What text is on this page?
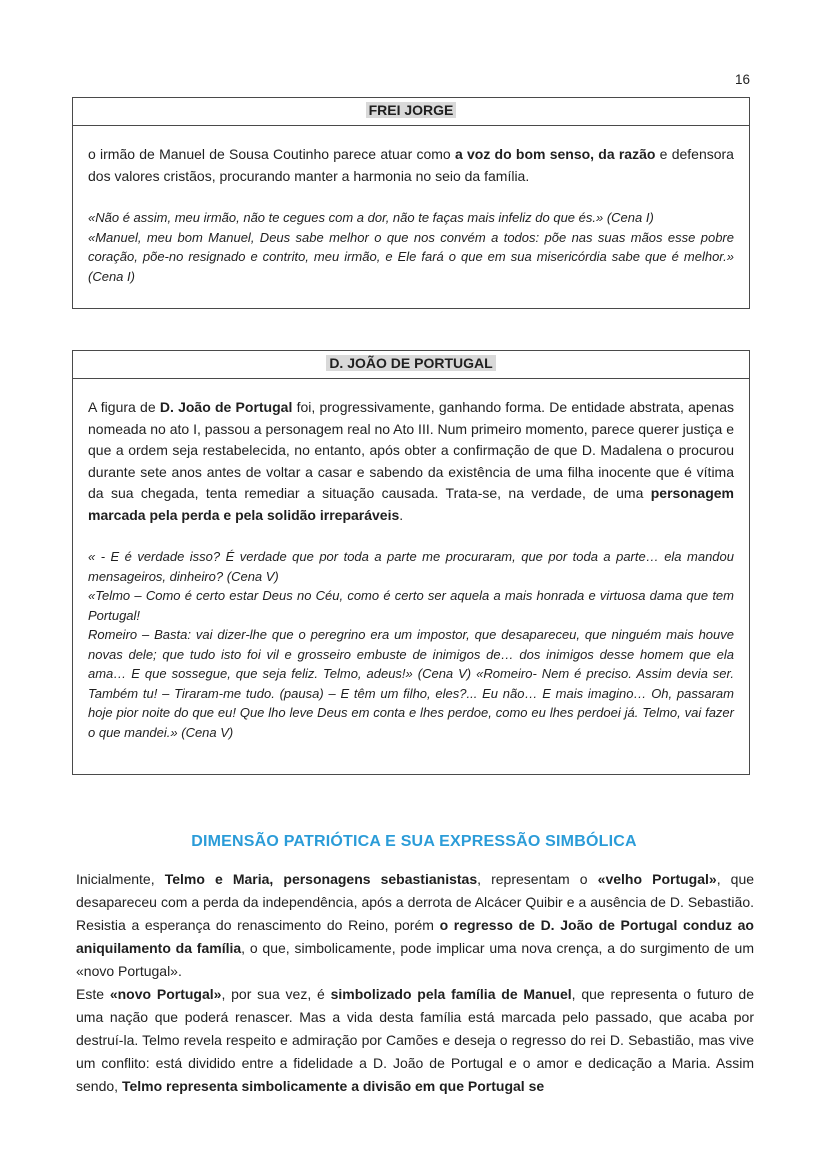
16
FREI JORGE

o irmão de Manuel de Sousa Coutinho parece atuar como a voz do bom senso, da razão e defensora dos valores cristãos, procurando manter a harmonia no seio da família.

«Não é assim, meu irmão, não te cegues com a dor, não te faças mais infeliz do que és.» (Cena I)

«Manuel, meu bom Manuel, Deus sabe melhor o que nos convém a todos: põe nas suas mãos esse pobre coração, põe-no resignado e contrito, meu irmão, e Ele fará o que em sua misericórdia sabe que é melhor.» (Cena I)

D. JOÃO DE PORTUGAL

A figura de D. João de Portugal foi, progressivamente, ganhando forma. De entidade abstrata, apenas nomeada no ato I, passou a personagem real no Ato III. Num primeiro momento, parece querer justiça e que a ordem seja restabelecida, no entanto, após obter a confirmação de que D. Madalena o procurou durante sete anos antes de voltar a casar e sabendo da existência de uma filha inocente que é vítima da sua chegada, tenta remediar a situação causada. Trata-se, na verdade, de uma personagem marcada pela perda e pela solidão irreparáveis.

« - E é verdade isso? É verdade que por toda a parte me procuraram, que por toda a parte… ela mandou mensageiros, dinheiro? (Cena V)

«Telmo – Como é certo estar Deus no Céu, como é certo ser aquela a mais honrada e virtuosa dama que tem Portugal!

Romeiro – Basta: vai dizer-lhe que o peregrino era um impostor, que desapareceu, que ninguém mais houve novas dele; que tudo isto foi vil e grosseiro embuste de inimigos de… dos inimigos desse homem que ela ama… E que sossegue, que seja feliz. Telmo, adeus!» (Cena V) «Romeiro- Nem é preciso. Assim devia ser. Também tu! – Tiraram-me tudo. (pausa) – E têm um filho, eles?... Eu não… E mais imagino… Oh, passaram hoje pior noite do que eu! Que lho leve Deus em conta e lhes perdoe, como eu lhes perdoei já. Telmo, vai fazer o que mandei.» (Cena V)

DIMENSÃO PATRIÓTICA E SUA EXPRESSÃO SIMBÓLICA

Inicialmente, Telmo e Maria, personagens sebastianistas, representam o «velho Portugal», que desapareceu com a perda da independência, após a derrota de Alcácer Quibir e a ausência de D. Sebastião. Resistia a esperança do renascimento do Reino, porém o regresso de D. João de Portugal conduz ao aniquilamento da família, o que, simbolicamente, pode implicar uma nova crença, a do surgimento de um «novo Portugal».

Este «novo Portugal», por sua vez, é simbolizado pela família de Manuel, que representa o futuro de uma nação que poderá renascer. Mas a vida desta família está marcada pelo passado, que acaba por destruí-la. Telmo revela respeito e admiração por Camões e deseja o regresso do rei D. Sebastião, mas vive um conflito: está dividido entre a fidelidade a D. João de Portugal e o amor e dedicação a Maria. Assim sendo, Telmo representa simbolicamente a divisão em que Portugal se
